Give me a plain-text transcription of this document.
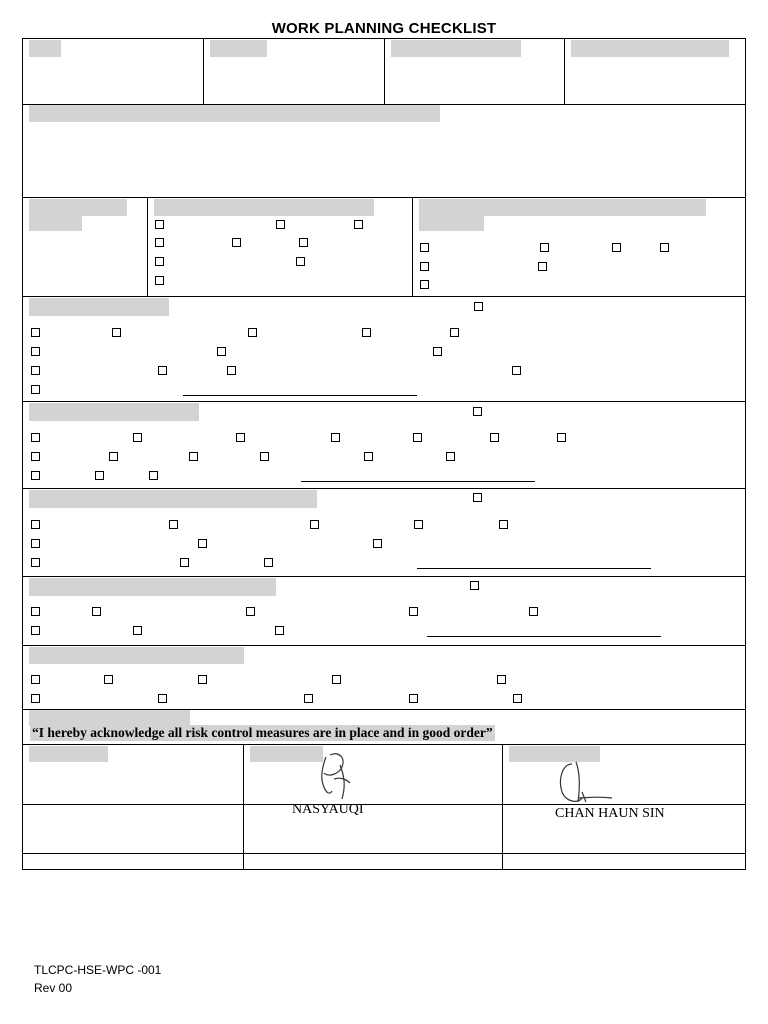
WORK PLANNING CHECKLIST
“I hereby acknowledge all risk control measures are in place and in good order”
NASYAUQI	CHAN HAUN SIN
TLCPC-HSE-WPC -001
Rev 00
